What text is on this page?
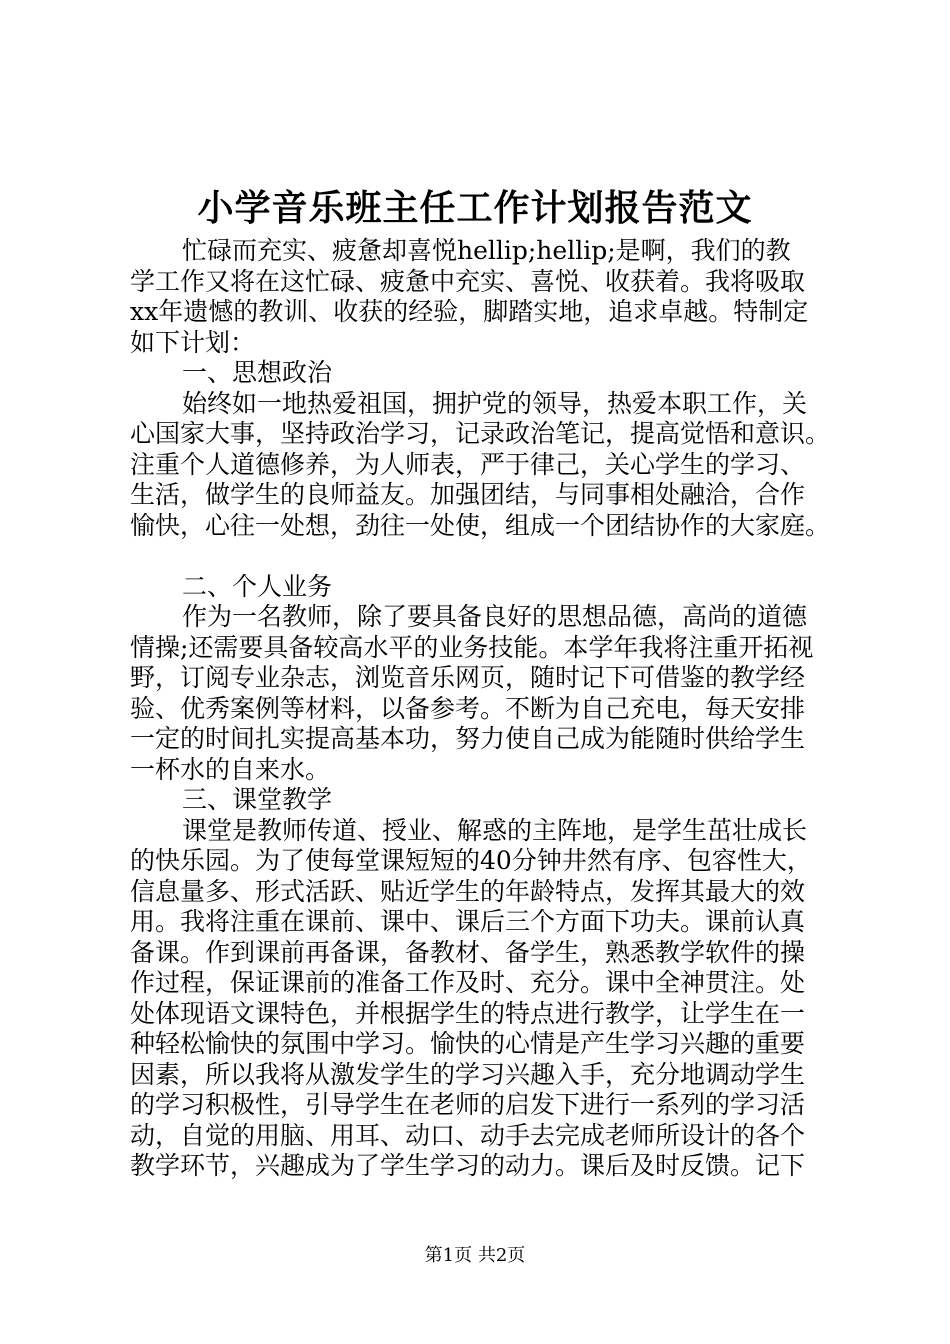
小学音乐班主任工作计划报告范文

忙碌而充实、疲惫却喜悦hellip;hellip;是啊，我们的教
学工作又将在这忙碌、疲惫中充实、喜悦、收获着。我将吸取
xx年遗憾的教训、收获的经验，脚踏实地，追求卓越。特制定
如下计划：

一、思想政治

始终如一地热爱祖国，拥护党的领导，热爱本职工作，关
心国家大事，坚持政治学习，记录政治笔记，提高觉悟和意识。
注重个人道德修养，为人师表，严于律己，关心学生的学习、
生活，做学生的良师益友。加强团结，与同事相处融洽，合作
愉快，心往一处想，劲往一处使，组成一个团结协作的大家庭。

二、个人业务

作为一名教师，除了要具备良好的思想品德，高尚的道德
情操;还需要具备较高水平的业务技能。本学年我将注重开拓视
野，订阅专业杂志，浏览音乐网页，随时记下可借鉴的教学经
验、优秀案例等材料，以备参考。不断为自己充电，每天安排
一定的时间扎实提高基本功，努力使自己成为能随时供给学生
一杯水的自来水。

三、课堂教学

课堂是教师传道、授业、解惑的主阵地，是学生茁壮成长
的快乐园。为了使每堂课短短的40分钟井然有序、包容性大，
信息量多、形式活跃、贴近学生的年龄特点，发挥其最大的效
用。我将注重在课前、课中、课后三个方面下功夫。课前认真
备课。作到课前再备课，备教材、备学生，熟悉教学软件的操
作过程，保证课前的准备工作及时、充分。课中全神贯注。处
处体现语文课特色，并根据学生的特点进行教学，让学生在一
种轻松愉快的氛围中学习。愉快的心情是产生学习兴趣的重要
因素，所以我将从激发学生的学习兴趣入手，充分地调动学生
的学习积极性，引导学生在老师的启发下进行一系列的学习活
动，自觉的用脑、用耳、动口、动手去完成老师所设计的各个
教学环节，兴趣成为了学生学习的动力。课后及时反馈。记下

第1页 共2页
